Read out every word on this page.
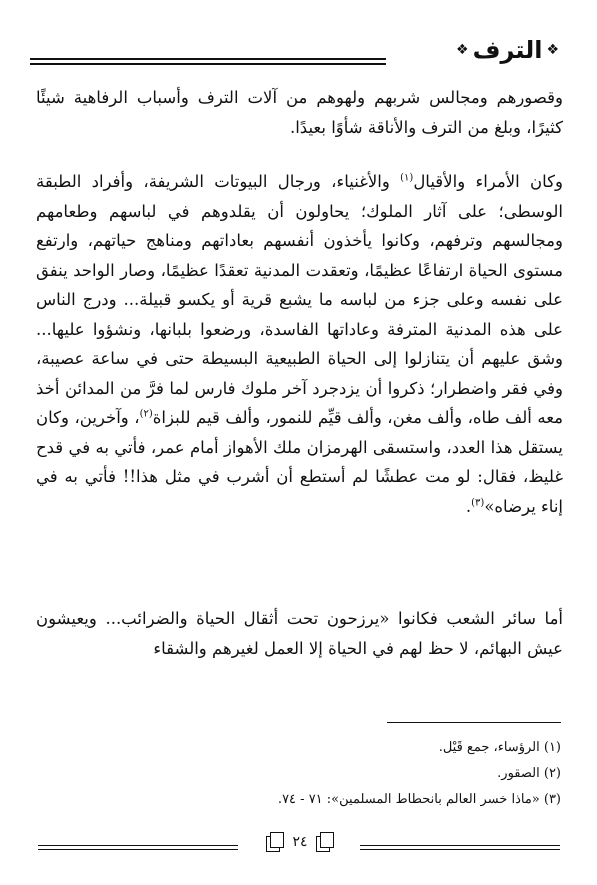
❖ الترف ❖

وقصورهم ومجالس شربهم ولهوهم من آلات الترف وأسباب الرفاهية شيئًا كثيرًا، وبلغ من الترف والأناقة شأوًا بعيدًا.

وكان الأمراء والأقيال$^{(١)}$ والأغنياء، ورجال البيوتات الشريفة، وأفراد الطبقة الوسطى؛ على آثار الملوك؛ يحاولون أن يقلدوهم في لباسهم وطعامهم ومجالسهم وترفهم، وكانوا يأخذون أنفسهم بعاداتهم ومناهج حياتهم، وارتفع مستوى الحياة ارتفاعًا عظيمًا، وتعقدت المدنية تعقدًا عظيمًا، وصار الواحد ينفق على نفسه وعلى جزء من لباسه ما يشبع قرية أو يكسو قبيلة... ودرج الناس على هذه المدنية المترفة وعاداتها الفاسدة، ورضعوا بلبانها، ونشؤوا عليها... وشق عليهم أن يتنازلوا إلى الحياة الطبيعية البسيطة حتى في ساعة عصيبة، وفي فقر واضطرار؛ ذكروا أن يزدجرد آخر ملوك فارس لما فرَّ من المدائن أخذ معه ألف طاه، وألف مغن، وألف قيِّم للنمور، وألف قيم للبزاة$^{(٢)}$، وآخرين، وكان يستقل هذا العدد، واستسقى الهرمزان ملك الأهواز أمام عمر، فأتي به في قدح غليظ، فقال: لو مت عطشًا لم أستطع أن أشرب في مثل هذا!! فأتي به في إناء يرضاه»$^{(٣)}$.

أما سائر الشعب فكانوا «يرزحون تحت أثقال الحياة والضرائب... ويعيشون عيش البهائم، لا حظ لهم في الحياة إلا العمل لغيرهم والشقاء

(١) الرؤساء، جمع قَيْل.
(٢) الصقور.
(٣) «ماذا خسر العالم بانحطاط المسلمين»: ٧١ - ٧٤.
٢٤
